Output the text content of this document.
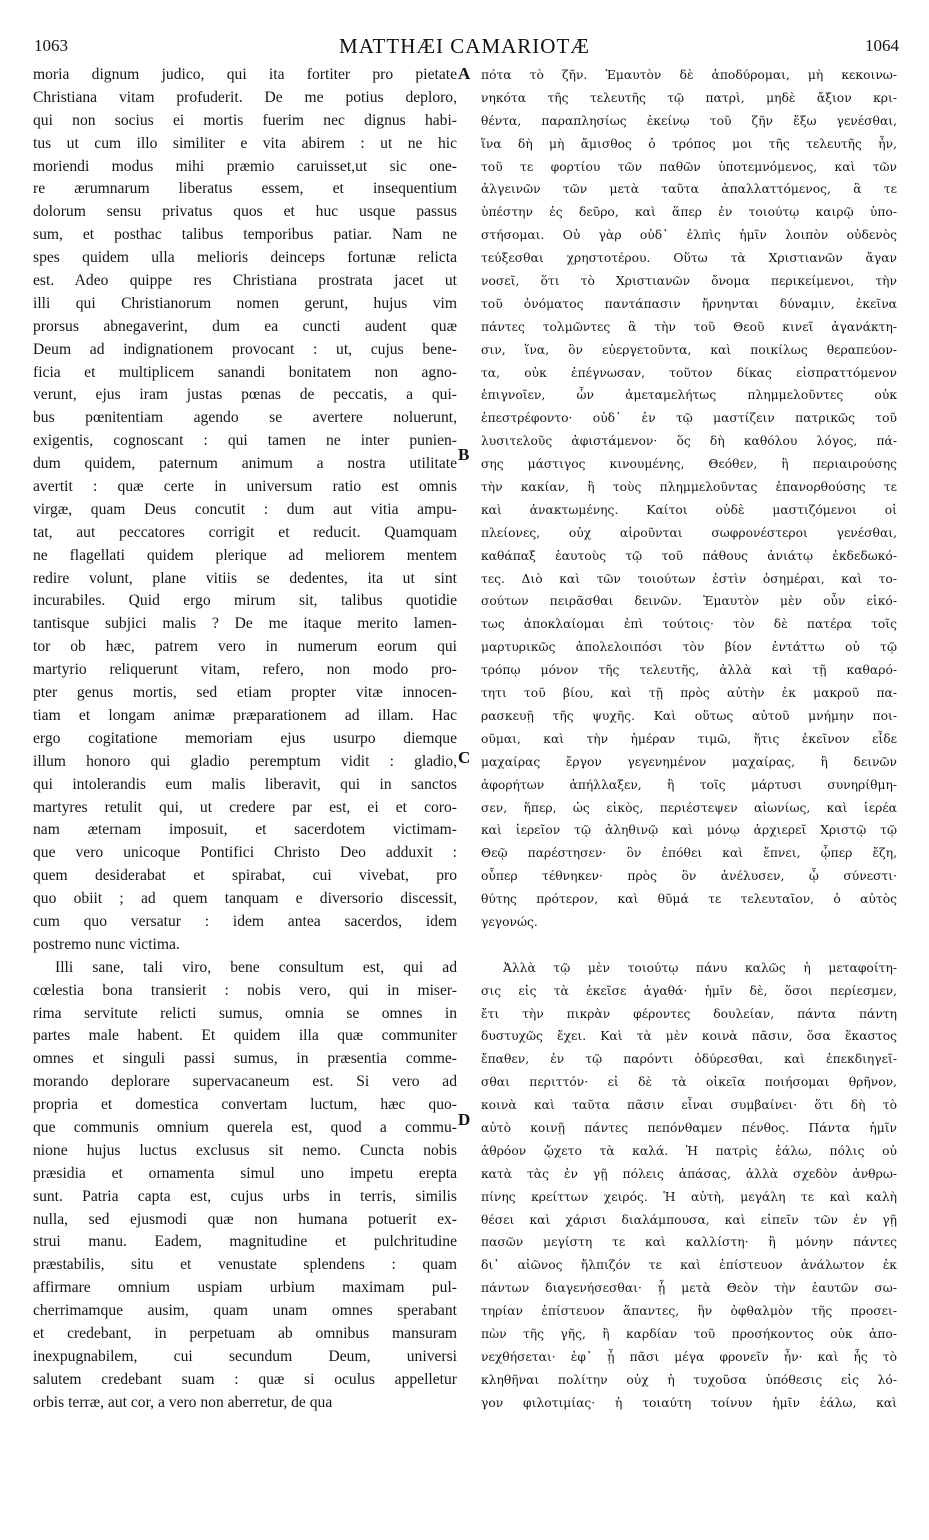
1063	MATTHÆI CAMARIOTÆ	1064
A
B
C
D
moria dignum judico, qui ita fortiter pro pietate
Christiana vitam profuderit. De me potius deploro,
qui non socius ei mortis fuerim nec dignus habi-
tus ut cum illo similiter e vita abirem : ut ne hic
moriendi modus mihi præmio caruisset,ut sic one-
re ærumnarum liberatus essem, et insequentium
dolorum sensu privatus quos et huc usque passus
sum, et posthac talibus temporibus patiar. Nam ne
spes quidem ulla melioris deinceps fortunæ relicta
est. Adeo quippe res Christiana prostrata jacet ut
illi qui Christianorum nomen gerunt, hujus vim
prorsus abnegaverint, dum ea cuncti audent quæ
Deum ad indignationem provocant : ut, cujus bene-
ficia et multiplicem sanandi bonitatem non agno-
verunt, ejus iram justas pœnas de peccatis, a qui-
bus pœnitentiam agendo se avertere noluerunt,
exigentis, cognoscant : qui tamen ne inter punien-
dum quidem, paternum animum a nostra utilitate
avertit : quæ certe in universum ratio est omnis
virgæ, quam Deus concutit : dum aut vitia ampu-
tat, aut peccatores corrigit et reducit. Quamquam
ne flagellati quidem plerique ad meliorem mentem
redire volunt, plane vitiis se dedentes, ita ut sint
incurabiles. Quid ergo mirum sit, talibus quotidie
tantisque subjici malis ? De me itaque merito lamen-
tor ob hæc, patrem vero in numerum eorum qui
martyrio reliquerunt vitam, refero, non modo pro-
pter genus mortis, sed etiam propter vitæ innocen-
tiam et longam animæ præparationem ad illam. Hac
ergo cogitatione memoriam ejus usurpo diemque
illum honoro qui gladio peremptum vidit : gladio,
qui intolerandis eum malis liberavit, qui in sanctos
martyres retulit qui, ut credere par est, ei et coro-
nam æternam imposuit, et sacerdotem victimam-
que vero unicoque Pontifici Christo Deo adduxit :
quem desiderabat et spirabat, cui vivebat, pro
quo obiit ; ad quem tanquam e diversorio discessit,
cum quo versatur : idem antea sacerdos, idem
postremo nunc victima.
Illi sane, tali viro, bene consultum est, qui ad
cœlestia bona transierit : nobis vero, qui in miser-
rima servitute relicti sumus, omnia se omnes in
partes male habent. Et quidem illa quæ communiter
omnes et singuli passi sumus, in præsentia comme-
morando deplorare supervacaneum est. Si vero ad
propria et domestica convertam luctum, hæc quo-
que communis omnium querela est, quod a commu-
nione hujus luctus exclusus sit nemo. Cuncta nobis
præsidia et ornamenta simul uno impetu erepta
sunt. Patria capta est, cujus urbs in terris, similis
nulla, sed ejusmodi quæ non humana potuerit ex-
strui manu. Eadem, magnitudine et pulchritudine
præstabilis, situ et venustate splendens : quam
affirmare omnium uspiam urbium maximam pul-
cherrimamque ausim, quam unam omnes sperabant
et credebant, in perpetuam ab omnibus mansuram
inexpugnabilem, cui secundum Deum, universi
salutem credebant suam : quæ si oculus appelletur
orbis terræ, aut cor, a vero non aberretur, de qua
πότα τὸ ζῆν. Ἐμαυτὸν δὲ ἀποδύρομαι, μὴ κεκοινω-
νηκότα τῆς τελευτῆς τῷ πατρὶ, μηδὲ ἄξιον κρι-
θέντα, παραπλησίως ἐκείνῳ τοῦ ζῆν ἔξω γενέσθαι,
ἵνα δὴ μὴ ἄμισθος ὁ τρόπος μοι τῆς τελευτῆς ἦν,
τοῦ τε φορτίου τῶν παθῶν ὑποτεμνόμενος, καὶ τῶν
ἀλγεινῶν τῶν μετὰ ταῦτα ἀπαλλαττόμενος, ἃ τε
ὑπέστην ἐς δεῦρο, καὶ ἅπερ ἐν τοιούτῳ καιρῷ ὑπο-
στήσομαι. Οὐ γὰρ οὐδ᾽ ἐλπὶς ἡμῖν λοιπὸν οὐδενὸς
τεύξεσθαι χρηστοτέρου. Οὕτω τὰ Χριστιανῶν ἄγαν
νοσεῖ, ὅτι τὸ Χριστιανῶν ὄνομα περικείμενοι, τὴν
τοῦ ὀνόματος παντάπασιν ἤρνηνται δύναμιν, ἐκεῖνα
πάντες τολμῶντες ἃ τὴν τοῦ Θεοῦ κινεῖ ἀγανάκτη-
σιν, ἵνα, ὃν εὐεργετοῦντα, καὶ ποικίλως θεραπεύον-
τα, οὐκ ἐπέγνωσαν, τοῦτον δίκας εἰσπραττόμενον
ἐπιγνοῖεν, ὧν ἀμεταμελήτως πλημμελοῦντες οὐκ
ἐπεστρέφοντο· οὐδ᾽ ἐν τῷ μαστίζειν πατρικῶς τοῦ
λυσιτελοῦς ἀφιστάμενον· ὅς δὴ καθόλου λόγος, πά-
σης μάστιγος κινουμένης, Θεόθεν, ἢ περιαιρούσης
τὴν κακίαν, ἢ τοὺς πλημμελοῦντας ἐπανορθούσης τε
καὶ ἀνακτωμένης. Καίτοι οὐδὲ μαστιζόμενοι οἱ
πλείονες, οὐχ αἱροῦνται σωφρονέστεροι γενέσθαι,
καθάπαξ ἑαυτοὺς τῷ τοῦ πάθους ἀνιάτῳ ἐκδεδωκό-
τες. Διὸ καὶ τῶν τοιούτων ἐστὶν ὁσημέραι, καὶ το-
σούτων πειρᾶσθαι δεινῶν. Ἐμαυτὸν μὲν οὖν εἰκό-
τως ἀποκλαίομαι ἐπὶ τούτοις· τὸν δὲ πατέρα τοῖς
μαρτυρικῶς ἀπολελοιπόσι τὸν βίον ἐντάττω οὐ τῷ
τρόπῳ μόνον τῆς τελευτῆς, ἀλλὰ καὶ τῇ καθαρό-
τητι τοῦ βίου, καὶ τῇ πρὸς αὐτὴν ἐκ μακροῦ πα-
ρασκευῇ τῆς ψυχῆς. Καὶ οὕτως αὐτοῦ μνήμην ποι-
οῦμαι, καὶ τὴν ἡμέραν τιμῶ, ἥτις ἐκεῖνον εἶδε
μαχαίρας ἔργον γεγενημένον μαχαίρας, ἣ δεινῶν
ἀφορήτων ἀπήλλαξεν, ἣ τοῖς μάρτυσι συνηρίθμη-
σεν, ἥπερ, ὡς εἰκὸς, περιέστεψεν αἰωνίως, καὶ ἱερέα
καὶ ἱερεῖον τῷ ἀληθινῷ καὶ μόνῳ ἀρχιερεῖ Χριστῷ τῷ
Θεῷ παρέστησεν· ὃν ἐπόθει καὶ ἔπνει, ᾧπερ ἔζη,
οὗπερ τέθνηκεν· πρὸς ὃν ἀνέλυσεν, ᾧ σύνεστι·
θύτης πρότερον, καὶ θῦμά τε τελευταῖον, ὁ αὐτὸς
γεγονώς.
Ἀλλὰ τῷ μὲν τοιούτῳ πάνυ καλῶς ἡ μεταφοίτη-
σις εἰς τὰ ἐκεῖσε ἀγαθά· ἡμῖν δὲ, ὅσοι περίεσμεν,
ἔτι τὴν πικρὰν φέροντες δουλείαν, πάντα πάντη
δυστυχῶς ἔχει. Καὶ τὰ μὲν κοινὰ πᾶσιν, ὅσα ἕκαστος
ἔπαθεν, ἐν τῷ παρόντι ὀδύρεσθαι, καὶ ἐπεκδιηγεῖ-
σθαι περιττόν· εἰ δὲ τὰ οἰκεῖα ποιήσομαι θρῆνον,
κοινὰ καὶ ταῦτα πᾶσιν εἶναι συμβαίνει· ὅτι δὴ τὸ
αὐτὸ κοινῇ πάντες πεπόνθαμεν πένθος. Πάντα ἡμῖν
ἀθρόον ᾤχετο τὰ καλά. Ἡ πατρὶς ἑάλω, πόλις οὐ
κατὰ τὰς ἐν γῇ πόλεις ἁπάσας, ἀλλὰ σχεδὸν ἀνθρω-
πίνης κρείττων χειρός. Ἡ αὐτὴ, μεγάλη τε καὶ καλὴ
θέσει καὶ χάρισι διαλάμπουσα, καὶ εἰπεῖν τῶν ἐν γῇ
πασῶν μεγίστη τε καὶ καλλίστη· ἣ μόνην πάντες
δι᾽ αἰῶνος ἤλπιζόν τε καὶ ἐπίστευον ἀνάλωτον ἐκ
πάντων διαγενήσεσθαι· ᾗ μετὰ Θεὸν τὴν ἑαυτῶν σω-
τηρίαν ἐπίστευον ἅπαντες, ἣν ὀφθαλμὸν τῆς προσει-
πὼν τῆς γῆς, ἢ καρδίαν τοῦ προσήκοντος οὐκ ἀπο-
νεχθήσεται· ἐφ᾽ ᾗ πᾶσι μέγα φρονεῖν ἦν· καὶ ἧς τὸ
κληθῆναι πολίτην οὐχ ἡ τυχοῦσα ὑπόθεσις εἰς λό-
γον φιλοτιμίας· ἡ τοιαύτη τοίνυν ἡμῖν ἑάλω, καὶ
